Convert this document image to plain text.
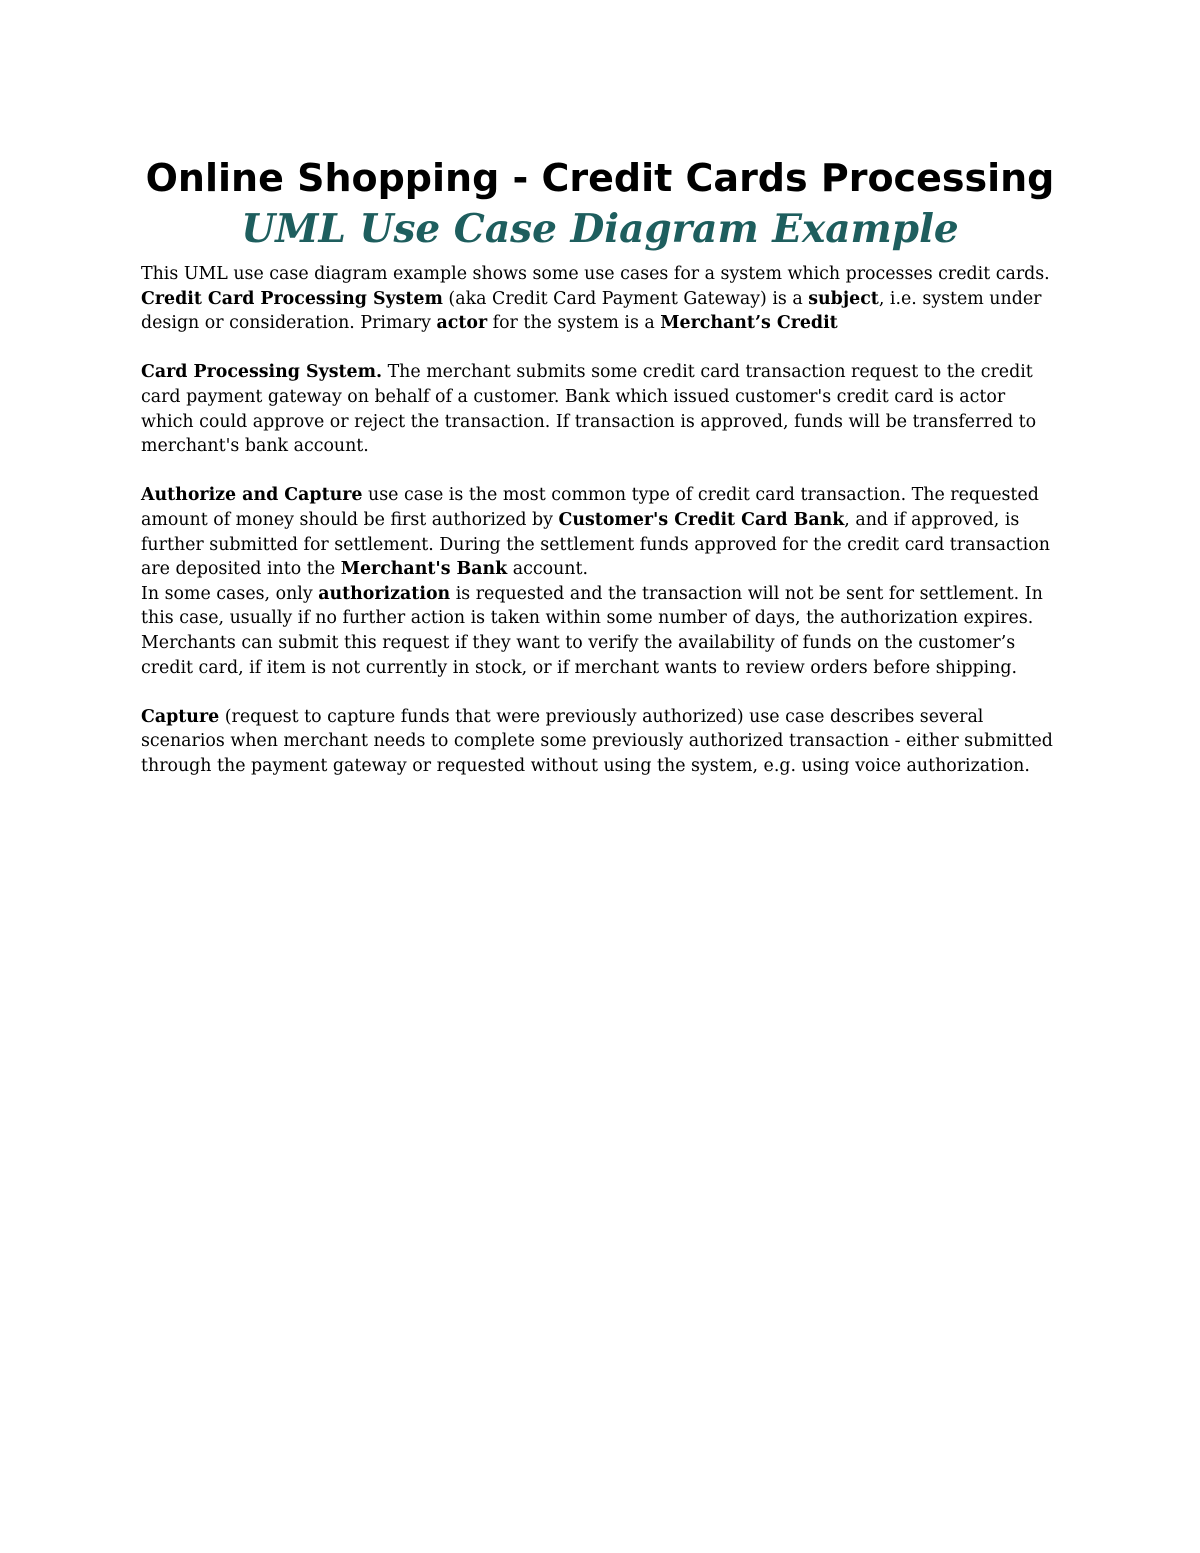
Online Shopping - Credit Cards Processing
UML Use Case Diagram Example

This UML use case diagram example shows some use cases for a system which processes credit cards.

Credit Card Processing System (aka Credit Card Payment Gateway) is a subject, i.e. system under design or consideration. Primary actor for the system is a Merchant’s Credit

Card Processing System. The merchant submits some credit card transaction request to the credit card payment gateway on behalf of a customer. Bank which issued customer's credit card is actor which could approve or reject the transaction. If transaction is approved, funds will be transferred to merchant's bank account.

Authorize and Capture use case is the most common type of credit card transaction. The requested amount of money should be first authorized by Customer's Credit Card Bank, and if approved, is further submitted for settlement. During the settlement funds approved for the credit card transaction are deposited into the Merchant's Bank account.

In some cases, only authorization is requested and the transaction will not be sent for settlement. In this case, usually if no further action is taken within some number of days, the authorization expires. Merchants can submit this request if they want to verify the availability of funds on the customer’s credit card, if item is not currently in stock, or if merchant wants to review orders before shipping.

Capture (request to capture funds that were previously authorized) use case describes several scenarios when merchant needs to complete some previously authorized transaction - either submitted through the payment gateway or requested without using the system, e.g. using voice authorization.
